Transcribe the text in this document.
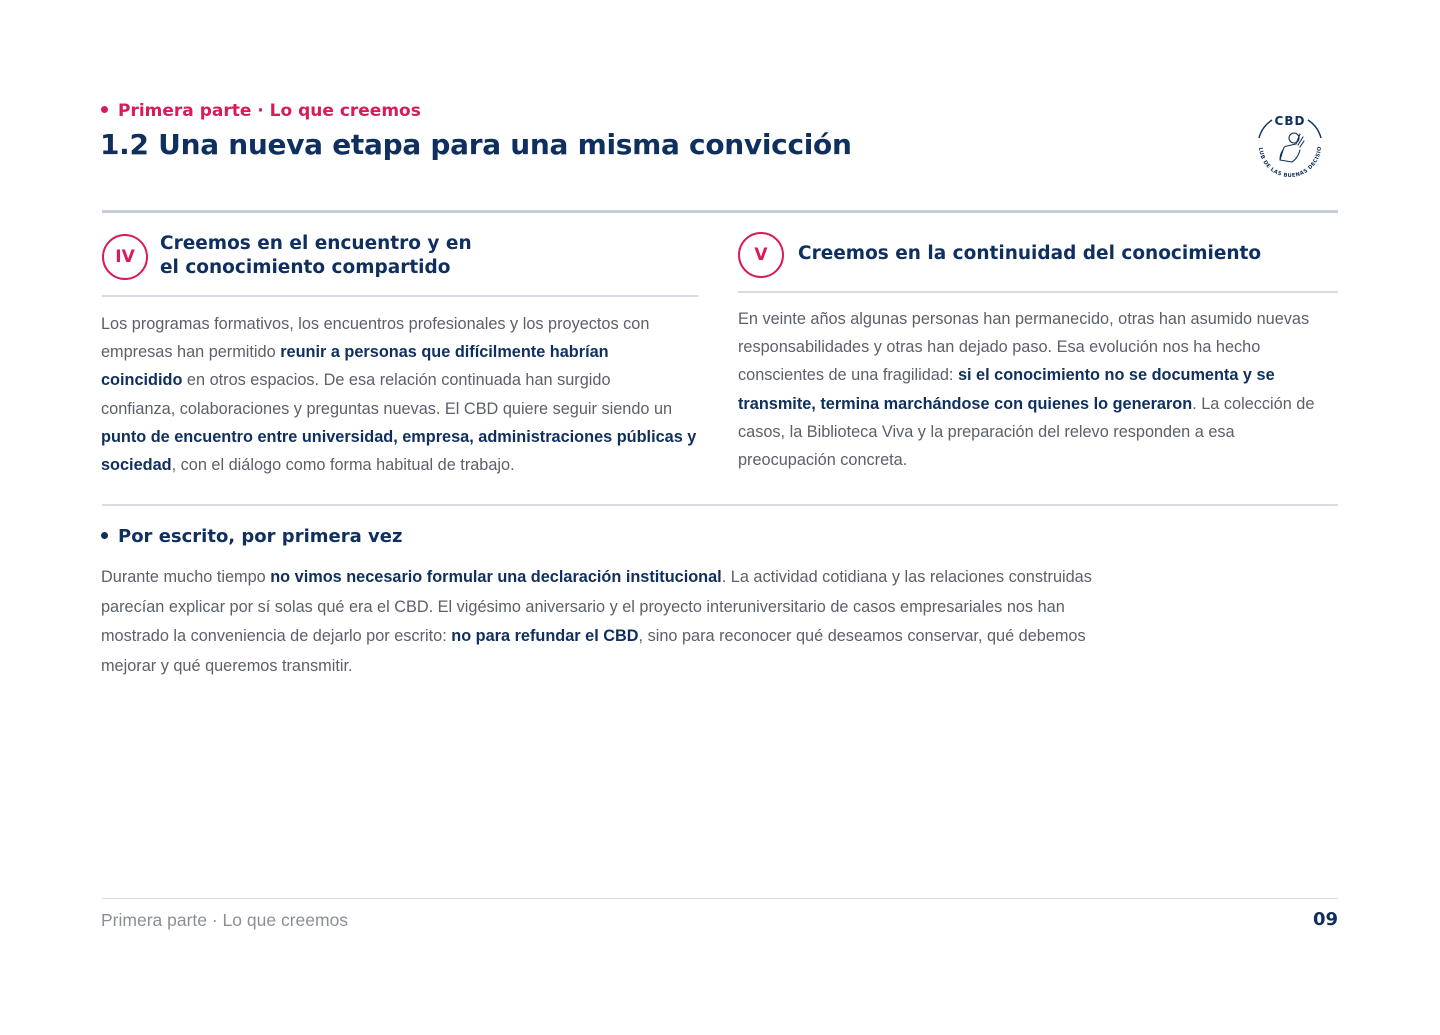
Primera parte · Lo que creemos
1.2 Una nueva etapa para una misma convicción
CBD
LUB DE LAS BUENAS DECISIO
IV
Creemos en el encuentro y en
el conocimiento compartido
Los programas formativos, los encuentros profesionales y los proyectos con
empresas han permitido reunir a personas que difícilmente habrían
coincidido en otros espacios. De esa relación continuada han surgido
confianza, colaboraciones y preguntas nuevas. El CBD quiere seguir siendo un
punto de encuentro entre universidad, empresa, administraciones públicas y
sociedad, con el diálogo como forma habitual de trabajo.
V	Creemos en la continuidad del conocimiento
En veinte años algunas personas han permanecido, otras han asumido nuevas
responsabilidades y otras han dejado paso. Esa evolución nos ha hecho
conscientes de una fragilidad: si el conocimiento no se documenta y se
transmite, termina marchándose con quienes lo generaron. La colección de
casos, la Biblioteca Viva y la preparación del relevo responden a esa
preocupación concreta.
Por escrito, por primera vez
Durante mucho tiempo no vimos necesario formular una declaración institucional. La actividad cotidiana y las relaciones construidas
parecían explicar por sí solas qué era el CBD. El vigésimo aniversario y el proyecto interuniversitario de casos empresariales nos han
mostrado la conveniencia de dejarlo por escrito: no para refundar el CBD, sino para reconocer qué deseamos conservar, qué debemos
mejorar y qué queremos transmitir.
Primera parte · Lo que creemos	09
